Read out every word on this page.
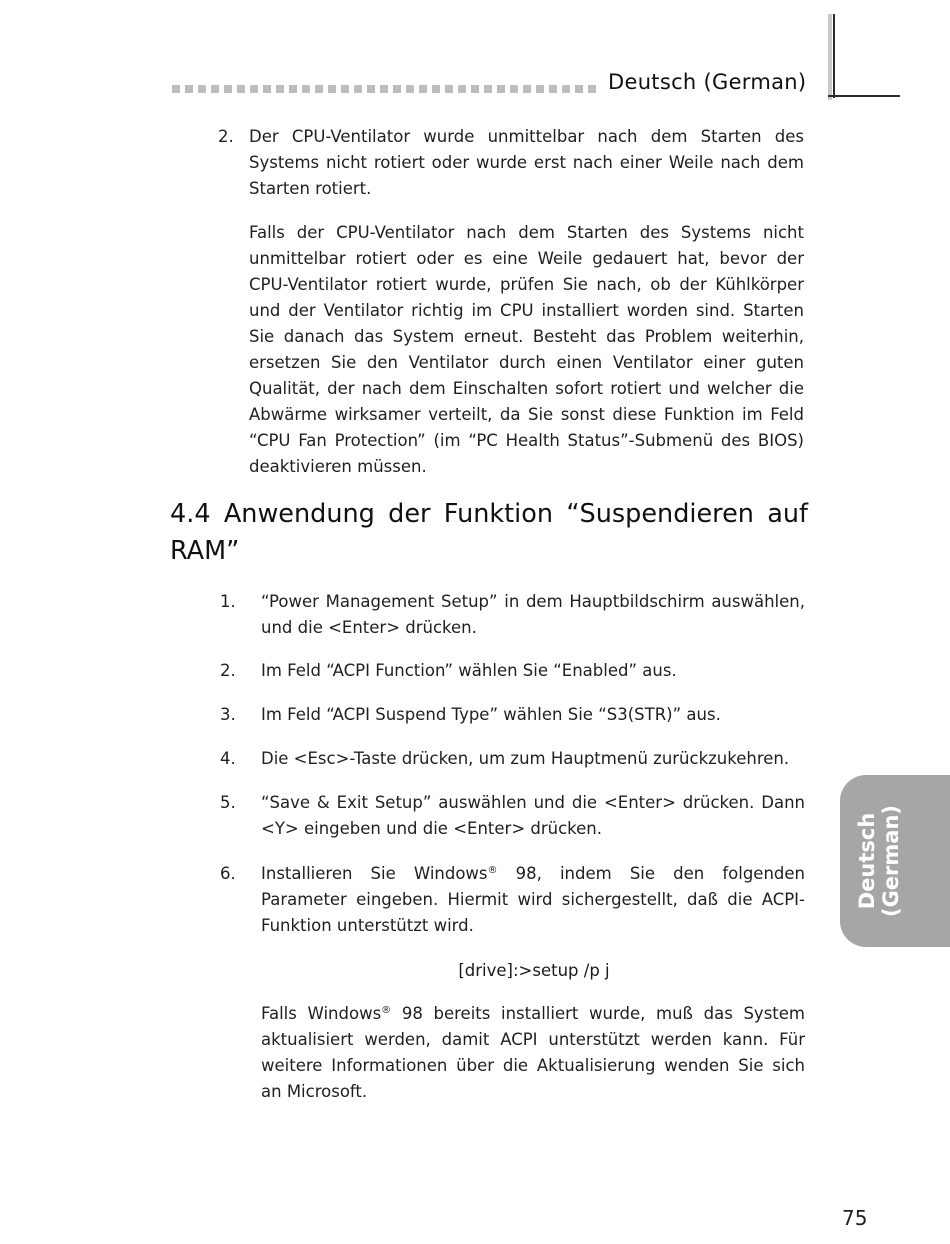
Deutsch (German)
2. Der CPU-Ventilator wurde unmittelbar nach dem Starten des Systems nicht rotiert oder wurde erst nach einer Weile nach dem Starten rotiert.
Falls der CPU-Ventilator nach dem Starten des Systems nicht unmittelbar rotiert oder es eine Weile gedauert hat, bevor der CPU-Ventilator rotiert wurde, prüfen Sie nach, ob der Kühlkörper und der Ventilator richtig im CPU installiert worden sind. Starten Sie danach das System erneut. Besteht das Problem weiterhin, ersetzen Sie den Ventilator durch einen Ventilator einer guten Qualität, der nach dem Einschalten sofort rotiert und welcher die Abwärme wirksamer verteilt, da Sie sonst diese Funktion im Feld “CPU Fan Protection” (im “PC Health Status”-Submenü des BIOS) deaktivieren müssen.
4.4 Anwendung der Funktion “Suspendieren auf RAM”
1. “Power Management Setup” in dem Hauptbildschirm auswählen, und die <Enter> drücken.
2. Im Feld “ACPI Function” wählen Sie “Enabled” aus.
3. Im Feld “ACPI Suspend Type” wählen Sie “S3(STR)” aus.
4. Die <Esc>-Taste drücken, um zum Hauptmenü zurückzukehren.
5. “Save & Exit Setup” auswählen und die <Enter> drücken. Dann <Y> eingeben und die <Enter> drücken.
6. Installieren Sie Windows® 98, indem Sie den folgenden Parameter eingeben. Hiermit wird sichergestellt, daß die ACPI-Funktion unterstützt wird.
[drive]:>setup /p j
Falls Windows® 98 bereits installiert wurde, muß das System aktualisiert werden, damit ACPI unterstützt werden kann. Für weitere Informationen über die Aktualisierung wenden Sie sich an Microsoft.
Deutsch (German)
75
